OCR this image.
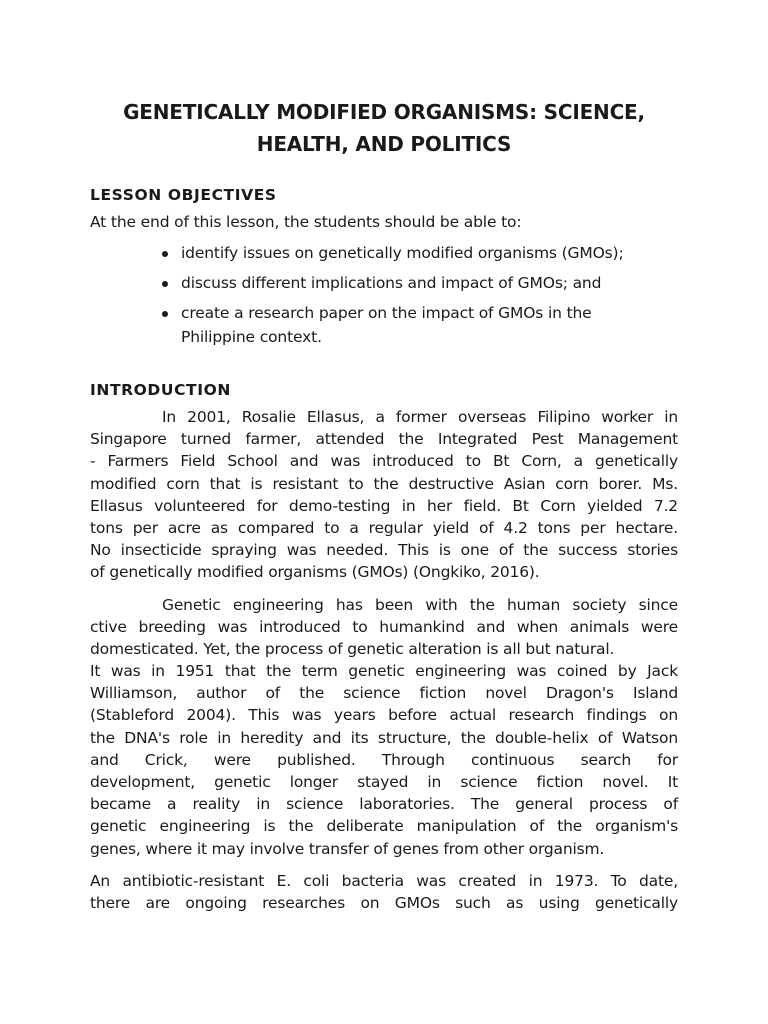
GENETICALLY MODIFIED ORGANISMS: SCIENCE,
HEALTH, AND POLITICS
LESSON OBJECTIVES

At the end of this lesson, the students should be able to:

identify issues on genetically modified organisms (GMOs);
discuss different implications and impact of GMOs; and
create a research paper on the impact of GMOs in the
Philippine context.
INTRODUCTION

In 2001, Rosalie Ellasus, a former overseas Filipino worker in
Singapore turned farmer, attended the Integrated Pest Management
- Farmers Field School and was introduced to Bt Corn, a genetically
modified corn that is resistant to the destructive Asian corn borer. Ms.
Ellasus volunteered for demo-testing in her field. Bt Corn yielded 7.2
tons per acre as compared to a regular yield of 4.2 tons per hectare.
No insecticide spraying was needed. This is one of the success stories
of genetically modified organisms (GMOs) (Ongkiko, 2016).

Genetic engineering has been with the human society since
ctive breeding was introduced to humankind and when animals were
domesticated. Yet, the process of genetic alteration is all but natural.

It was in 1951 that the term genetic engineering was coined by Jack
Williamson, author of the science fiction novel Dragon's Island
(Stableford 2004). This was years before actual research findings on
the DNA's role in heredity and its structure, the double-helix of Watson
and Crick, were published. Through continuous search for
development, genetic longer stayed in science fiction novel. It
became a reality in science laboratories. The general process of
genetic engineering is the deliberate manipulation of the organism's
genes, where it may involve transfer of genes from other organism.

An antibiotic-resistant E. coli bacteria was created in 1973. To date,
there are ongoing researches on GMOs such as using genetically
